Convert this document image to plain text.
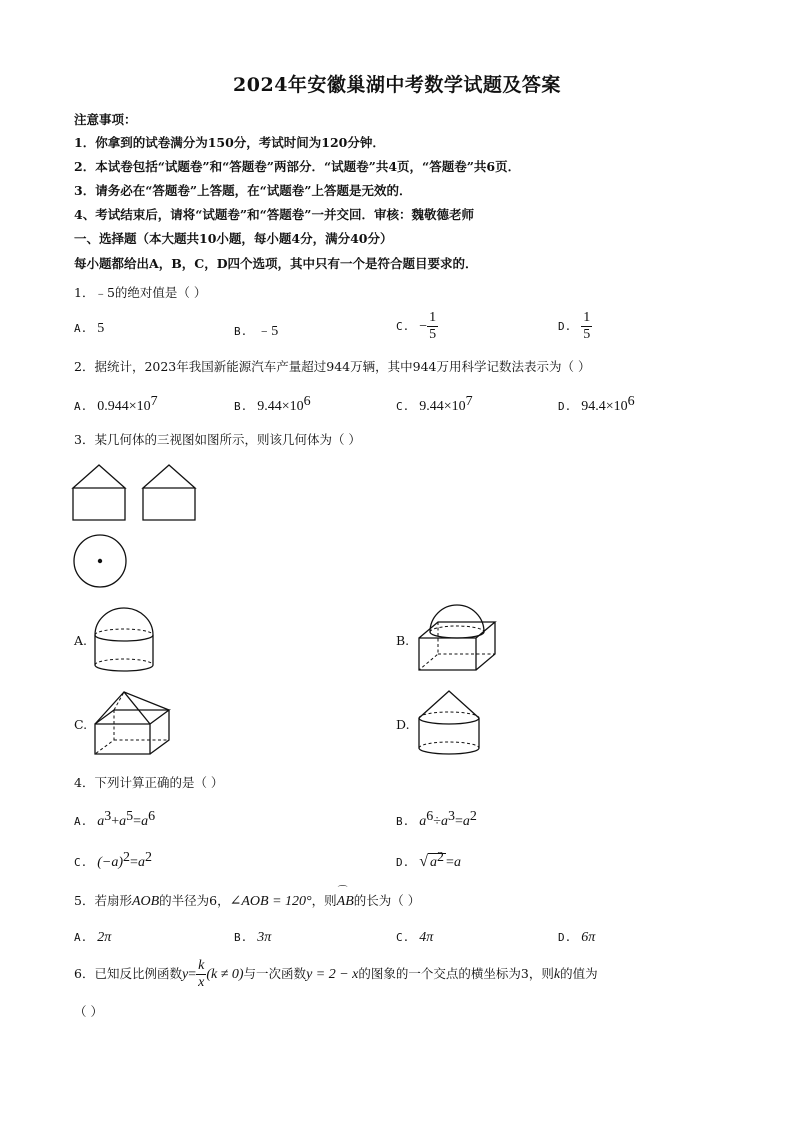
2024年安徽巢湖中考数学试题及答案
注意事项：
1．你拿到的试卷满分为150分，考试时间为120分钟．
2．本试卷包括“试题卷”和“答题卷”两部分．“试题卷”共4页，“答题卷”共6页．
3．请务必在“答题卷”上答题，在“试题卷”上答题是无效的．
4、考试结束后，请将“试题卷”和“答题卷”一并交回．审核：魏敬德老师
一、选择题（本大题共10小题，每小题4分，满分40分）
每小题都给出A，B，C，D四个选项，其中只有一个是符合题目要求的．
1．﹣5的绝对值是（ ）
A. 5	B. ﹣5	C. − $\frac{1}{5}$	D. $\frac{1}{5}$
2．据统计，2023年我国新能源汽车产量超过944万辆，其中944万用科学记数法表示为（ ）
A. $0.944\times 10^7$	B. $9.44\times 10^6$	C. $9.44\times 10^7$	D. $94.4\times 10^6$
3．某几何体的三视图如图所示，则该几何体为（ ）
A.	B.
C.	D.
4．下列计算正确的是（ ）
A. $a^3+a^5=a^6$	B. $a^6\div a^3=a^2$
C. $(-a)^2=a^2$	D. √ $a^2 =a$
5．若扇形AOB的半径为6，∠AOB = 120°，则
⌒
AB的长为（ ）
A. 2π	B. 3π	C. 4π	D. 6π
6．已知反比例函数$y= \frac{k}{x} (k \ne 0)$与一次函数y = 2 − x的图象的一个交点的横坐标为3，则k的值为
（ ）
